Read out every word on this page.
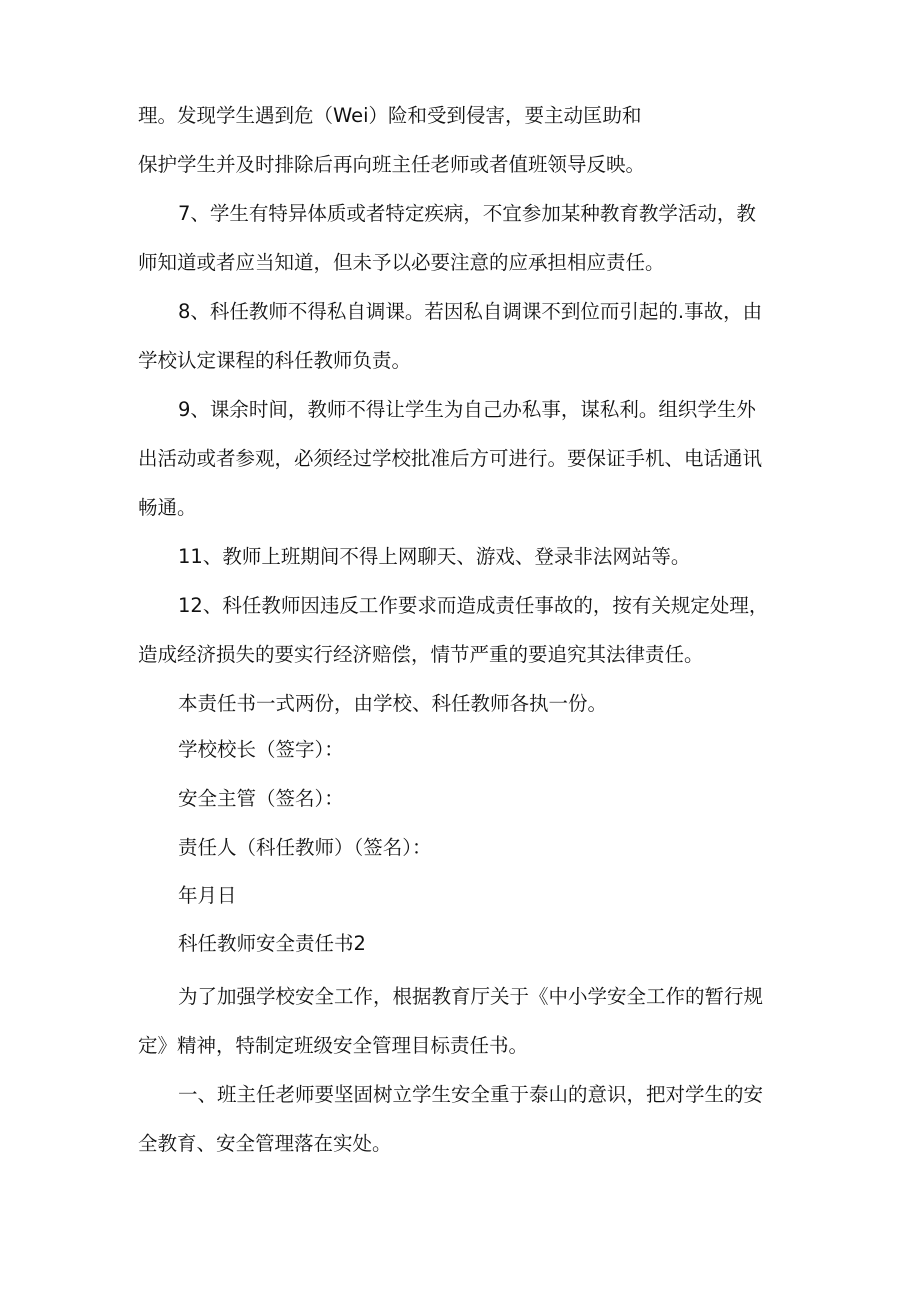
理。发现学生遇到危（Wei）险和受到侵害，要主动匡助和
保护学生并及时排除后再向班主任老师或者值班领导反映。
7、学生有特异体质或者特定疾病，不宜参加某种教育教学活动，教
师知道或者应当知道，但未予以必要注意的应承担相应责任。
8、科任教师不得私自调课。若因私自调课不到位而引起的.事故，由
学校认定课程的科任教师负责。
9、课余时间，教师不得让学生为自己办私事，谋私利。组织学生外
出活动或者参观，必须经过学校批准后方可进行。要保证手机、电话通讯
畅通。
11、教师上班期间不得上网聊天、游戏、登录非法网站等。
12、科任教师因违反工作要求而造成责任事故的，按有关规定处理，
造成经济损失的要实行经济赔偿，情节严重的要追究其法律责任。
本责任书一式两份，由学校、科任教师各执一份。
学校校长（签字）：
安全主管（签名）：
责任人（科任教师）（签名）：
年月日
科任教师安全责任书2
为了加强学校安全工作，根据教育厅关于《中小学安全工作的暂行规
定》精神，特制定班级安全管理目标责任书。
一、班主任老师要坚固树立学生安全重于泰山的意识，把对学生的安
全教育、安全管理落在实处。
